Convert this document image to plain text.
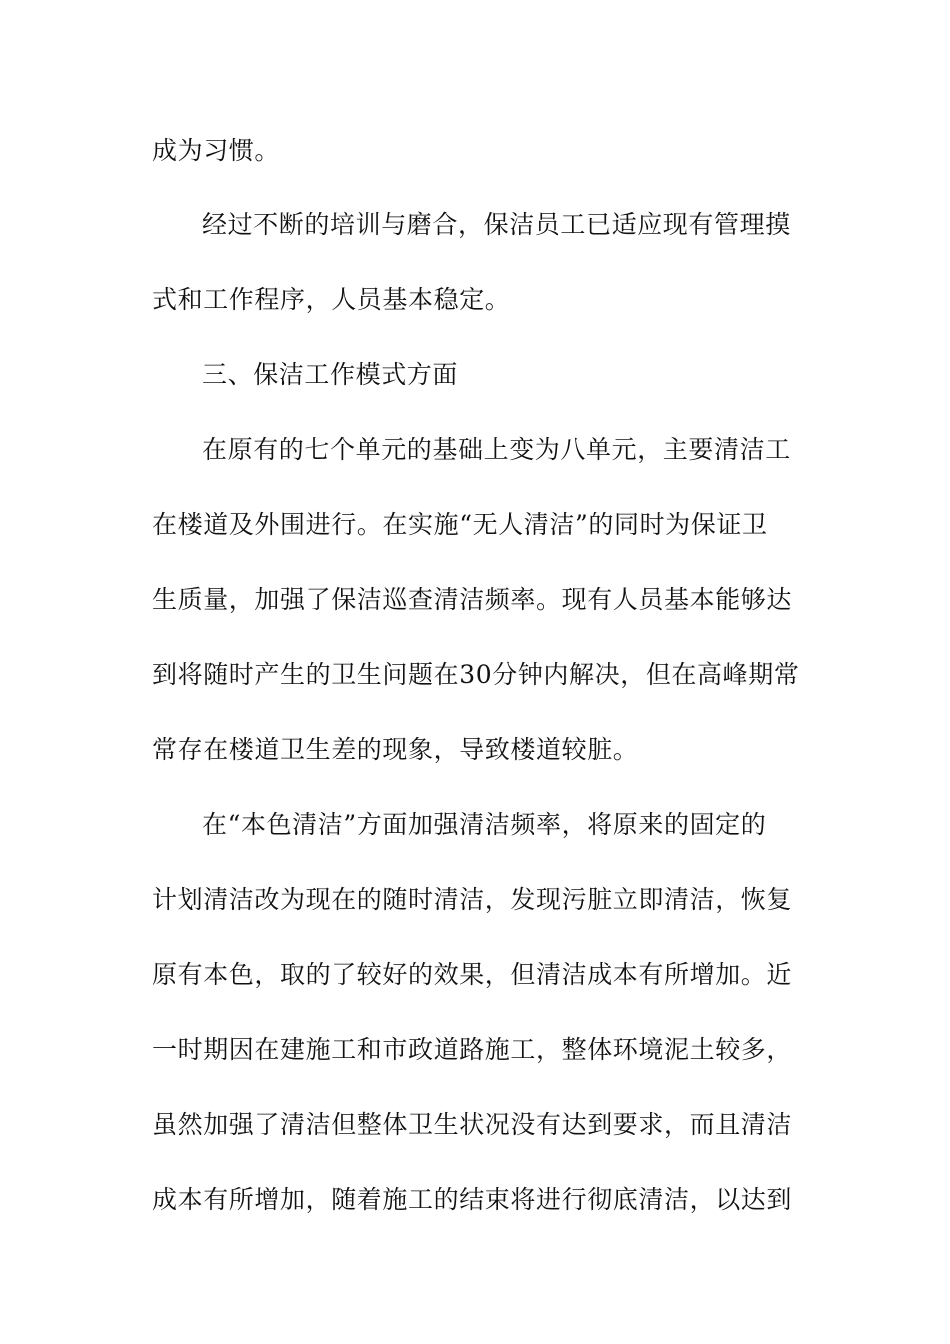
成为习惯。
经过不断的培训与磨合，保洁员工已适应现有管理摸
式和工作程序，人员基本稳定。
三、保洁工作模式方面
在原有的七个单元的基础上变为八单元，主要清洁工
在楼道及外围进行。在实施“无人清洁”的同时为保证卫
生质量，加强了保洁巡查清洁频率。现有人员基本能够达
到将随时产生的卫生问题在30分钟内解决，但在高峰期常
常存在楼道卫生差的现象，导致楼道较脏。
在“本色清洁”方面加强清洁频率，将原来的固定的
计划清洁改为现在的随时清洁，发现污脏立即清洁，恢复
原有本色，取的了较好的效果，但清洁成本有所增加。近
一时期因在建施工和市政道路施工，整体环境泥土较多，
虽然加强了清洁但整体卫生状况没有达到要求，而且清洁
成本有所增加，随着施工的结束将进行彻底清洁，以达到
